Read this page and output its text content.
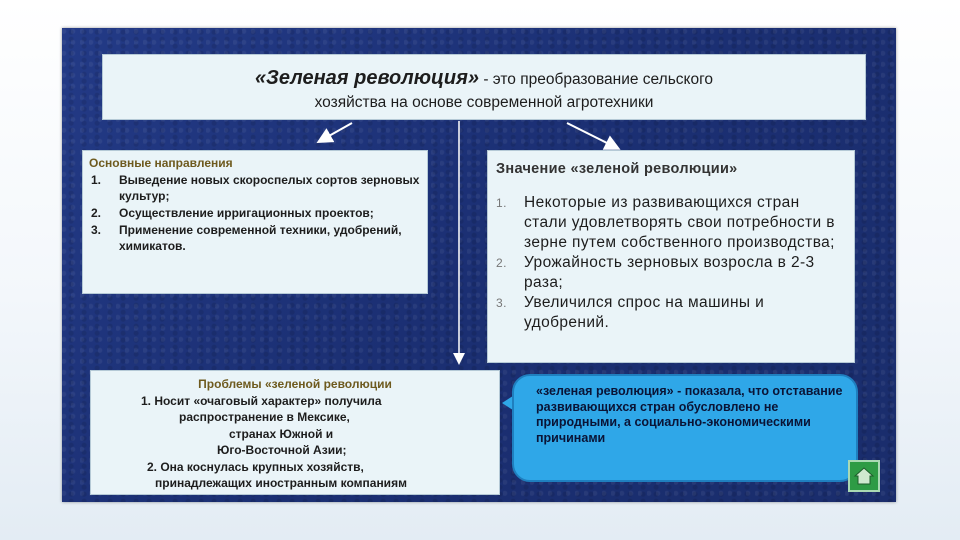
«Зеленая революция» - это преобразование сельского
хозяйства на основе современной агротехники
Основные направления
1. Выведение новых скороспелых сортов зерновых культур;
2. Осуществление ирригационных проектов;
3. Применение современной техники, удобрений, химикатов.
Значение «зеленой революции»
1. Некоторые из развивающихся стран стали удовлетворять свои потребности в зерне путем собственного производства;
2. Урожайность зерновых возросла в 2-3 раза;
3. Увеличился спрос на машины и удобрений.
Проблемы «зеленой революции
1. Носит «очаговый характер» получила
распространение в Мексике,
странах Южной и
Юго-Восточной Азии;
2. Она коснулась крупных хозяйств,
принадлежащих иностранным компаниям
«зеленая революция» - показала, что отставание развивающихся стран обусловлено не природными, а социально-экономическими причинами
